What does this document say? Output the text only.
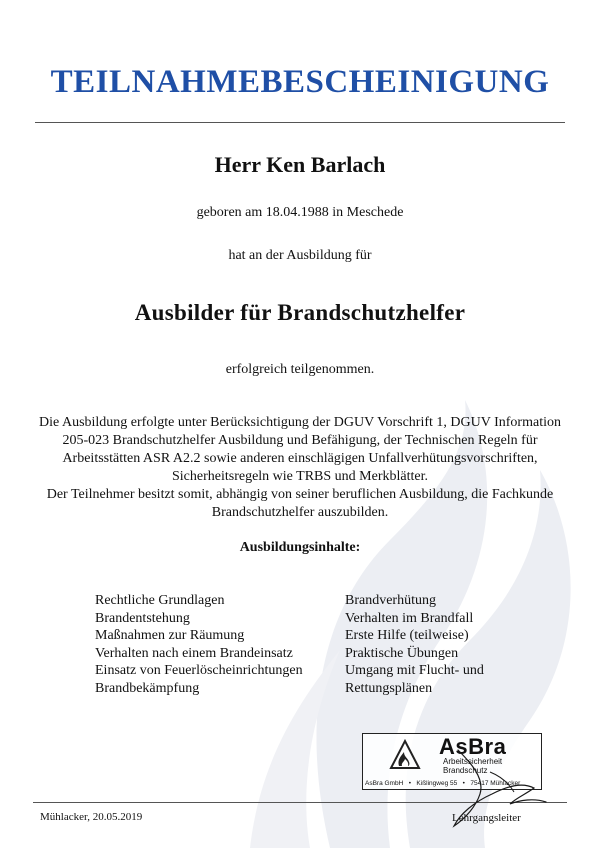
TEILNAHMEBESCHEINIGUNG
Herr Ken Barlach
geboren am 18.04.1988 in Meschede
hat an der Ausbildung für
Ausbilder für Brandschutzhelfer
erfolgreich teilgenommen.
Die Ausbildung erfolgte unter Berücksichtigung der DGUV Vorschrift 1, DGUV Information
205-023 Brandschutzhelfer Ausbildung und Befähigung, der Technischen Regeln für
Arbeitsstätten ASR A2.2 sowie anderen einschlägigen Unfallverhütungsvorschriften,
Sicherheitsregeln wie TRBS und Merkblätter.
Der Teilnehmer besitzt somit, abhängig von seiner beruflichen Ausbildung, die Fachkunde
Brandschutzhelfer auszubilden.
Ausbildungsinhalte:
Rechtliche Grundlagen
Brandentstehung
Maßnahmen zur Räumung
Verhalten nach einem Brandeinsatz
Einsatz von Feuerlöscheinrichtungen
Brandbekämpfung
Brandverhütung
Verhalten im Brandfall
Erste Hilfe (teilweise)
Praktische Übungen
Umgang mit Flucht- und
Rettungsplänen
AsBra
Arbeitssicherheit
Brandschutz
AsBra GmbH • Kißlingweg 55 • 75417 Mühlacker
Mühlacker, 20.05.2019	Lehrgangsleiter
